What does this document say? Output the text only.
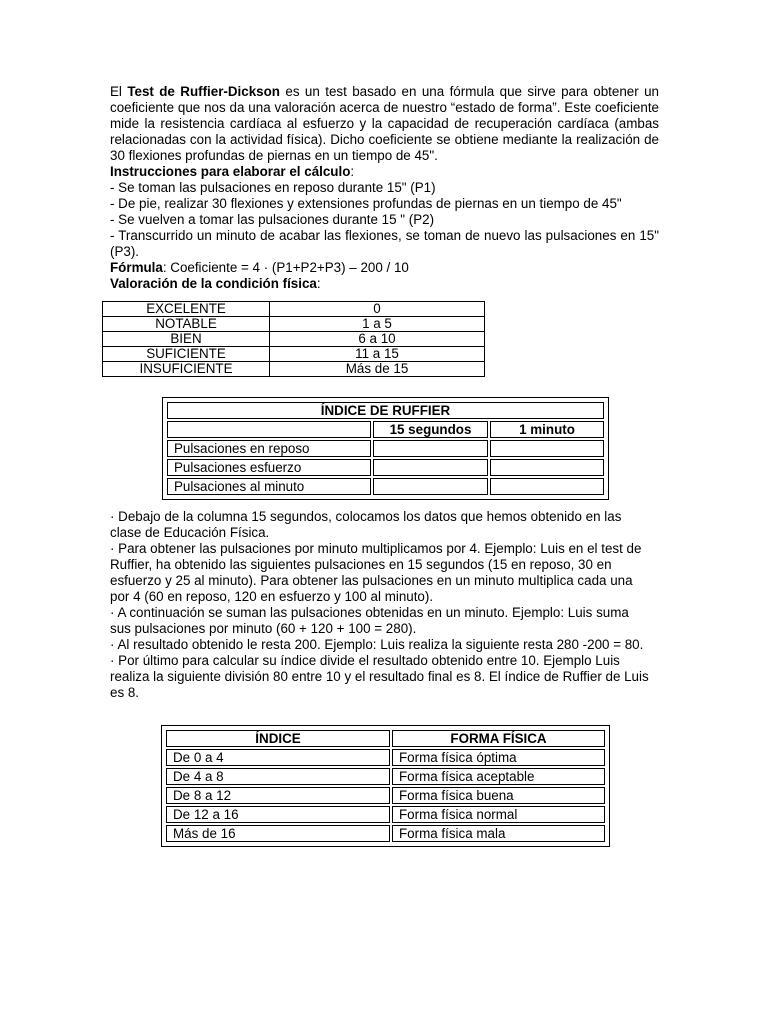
El Test de Ruffier-Dickson es un test basado en una fórmula que sirve para obtener un coeficiente que nos da una valoración acerca de nuestro “estado de forma”. Este coeficiente mide la resistencia cardíaca al esfuerzo y la capacidad de recuperación cardíaca (ambas relacionadas con la actividad física). Dicho coeficiente se obtiene mediante la realización de 30 flexiones profundas de piernas en un tiempo de 45".
Instrucciones para elaborar el cálculo:
- Se toman las pulsaciones en reposo durante 15" (P1)
- De pie, realizar 30 flexiones y extensiones profundas de piernas en un tiempo de 45"
- Se vuelven a tomar las pulsaciones durante 15 " (P2)
- Transcurrido un minuto de acabar las flexiones, se toman de nuevo las pulsaciones en 15" (P3).
Fórmula: Coeficiente = 4 · (P1+P2+P3) – 200 / 10
Valoración de la condición física:
EXCELENTE	0
NOTABLE	1 a 5
BIEN	6 a 10
SUFICIENTE	11 a 15
INSUFICIENTE	Más de 15
ÍNDICE DE RUFFIER		
	15 segundos	1 minuto
Pulsaciones en reposo		
Pulsaciones esfuerzo		
Pulsaciones al minuto		
· Debajo de la columna 15 segundos, colocamos los datos que hemos obtenido en las clase de Educación Física.
· Para obtener las pulsaciones por minuto multiplicamos por 4. Ejemplo: Luis en el test de Ruffier, ha obtenido las siguientes pulsaciones en 15 segundos (15 en reposo, 30 en esfuerzo y 25 al minuto). Para obtener las pulsaciones en un minuto multiplica cada una por 4 (60 en reposo, 120 en esfuerzo y 100 al minuto).
· A continuación se suman las pulsaciones obtenidas en un minuto. Ejemplo: Luis suma sus pulsaciones por minuto (60 + 120 + 100 = 280).
· Al resultado obtenido le resta 200. Ejemplo: Luis realiza la siguiente resta 280 -200 = 80.
· Por último para calcular su índice divide el resultado obtenido entre 10. Ejemplo Luis realiza la siguiente división 80 entre 10 y el resultado final es 8. El índice de Ruffier de Luis es 8.
ÍNDICE	FORMA FÍSICA
De 0 a 4	Forma física óptima
De 4 a 8	Forma física aceptable
De 8 a 12	Forma física buena
De 12 a 16	Forma física normal
Más de 16	Forma física mala
